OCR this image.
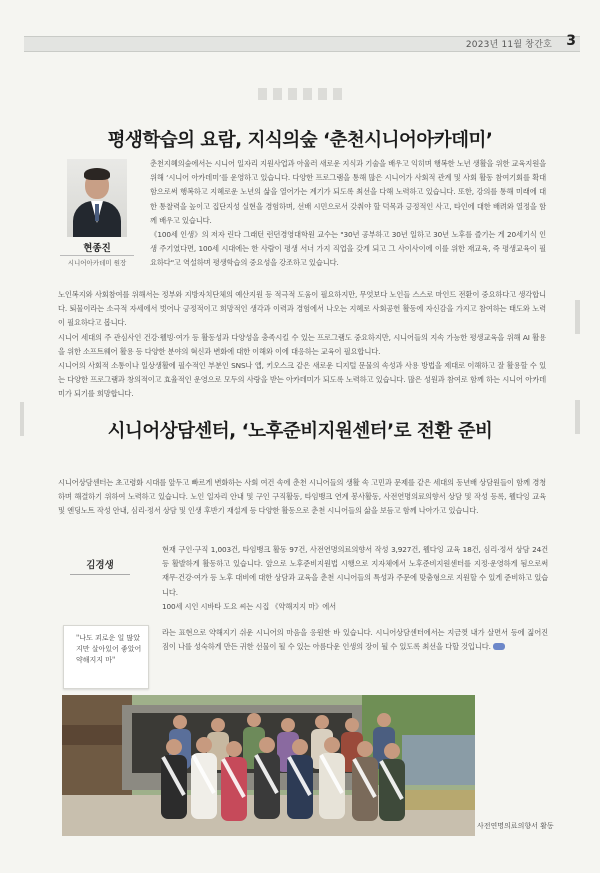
2023년 11월 창간호 3
평생학습의 요람, 지식의숲 ‘춘천시니어아카데미’
현종진
시니어아카데미 원장

춘천지혜의숲에서는 시니어 일자리 지원사업과 아울러 새로운 지식과 기술을 배우고 익히며 행복한 노년 생활을 위한 교육지원을 위해 ‘시니어 아카데미’를 운영하고 있습니다. 다양한 프로그램을 통해 많은 시니어가 사회적 관계 및 사회 활동 참여기회를 확대함으로써 행복하고 지혜로운 노년의 삶을 열어가는 계기가 되도록 최선을 다해 노력하고 있습니다. 또한, 강의를 통해 미래에 대한 통찰력을 높이고 집단지성 실현을 경험하며, 선배 시민으로서 갖춰야 할 덕목과 긍정적인 사고, 타인에 대한 배려와 열정을 함께 배우고 있습니다.
《100세 인생》의 저자 린다 그래턴 런던경영대학원 교수는 "30년 공부하고 30년 일하고 30년 노후를 즐기는 게 20세기식 인생 주기였다면, 100세 시대에는 한 사람이 평생 서너 가지 직업을 갖게 되고 그 사이사이에 이를 위한 재교육, 즉 평생교육이 필요하다"고 역설하며 평생학습의 중요성을 강조하고 있습니다.

노인복지와 사회참여를 위해서는 정부와 지방자치단체의 예산지원 등 적극적 도움이 필요하지만, 무엇보다 노인들 스스로 마인드 전환이 중요하다고 생각합니다. 퇴물이라는 소극적 자세에서 벗어나 긍정적이고 희망적인 생각과 이력과 경험에서 나오는 지혜로 사회공헌 활동에 자신감을 가지고 참여하는 태도와 노력이 필요하다고 봅니다.
시니어 세대의 주 관심사인 건강·웰빙·여가 등 활동성과 다양성을 충족시킬 수 있는 프로그램도 중요하지만, 시니어들의 지속 가능한 평생교육을 위해 AI 활용을 위한 소프트웨어 활용 등 다양한 분야의 혁신과 변화에 대한 이해와 이에 대응하는 교육이 필요합니다.
시니어의 사회적 소통이나 일상생활에 필수적인 부분인 SNS나 앱, 키오스크 같은 새로운 디지털 문물의 속성과 사용 방법을 제대로 이해하고 잘 활용할 수 있는 다양한 프로그램과 창의적이고 효율적인 운영으로 모두의 사랑을 받는 아카데미가 되도록 노력하고 있습니다. 많은 성원과 참여로 함께 하는 시니어 아카데미가 되기를 희망합니다.

시니어상담센터, ‘노후준비지원센터’로 전환 준비

시니어상담센터는 초고령화 시대를 앞두고 빠르게 변화하는 사회 여건 속에 춘천 시니어들의 생활 속 고민과 문제를 같은 세대의 동년배 상담원들이 함께 경청하며 해결하기 위하여 노력하고 있습니다. 노인 일자리 안내 및 구인 구직활동, 타임뱅크 연계 봉사활동, 사전연명의료의향서 상담 및 작성 등록, 웰다잉 교육 및 엔딩노트 작성 안내, 심리·정서 상담 및 인생 후반기 재설계 등 다양한 활동으로 춘천 시니어들의 삶을 보듬고 함께 나아가고 있습니다.

김경생

현재 구인·구직 1,003건, 타임뱅크 활동 97건, 사전연명의료의향서 작성 3,927건, 웰다잉 교육 18건, 심리·정서 상담 24건 등 활발하게 활동하고 있습니다. 앞으로 노후준비지원법 시행으로 지자체에서 노후준비지원센터를 지정·운영하게 됨으로써 재무·건강·여가 등 노후 대비에 대한 상담과 교육을 춘천 시니어들의 특성과 주문에 맞춤형으로 지원할 수 있게 준비하고 있습니다.
100세 시인 시바타 도요 씨는 시집 《약해지지 마》에서

"나도 괴로운 일 많았지만 살아있어 좋았어 약해지지 마"

라는 표현으로 약해지기 쉬운 시니어의 마음을 응원한 바 있습니다. 시니어상담센터에서는 지금껏 내가 살면서 등에 짊어진 짐이 나를 성숙하게 만든 귀한 선물이 될 수 있는 아름다운 인생의 장이 될 수 있도록 최선을 다할 것입니다.

사전연명의료의향서 활동
